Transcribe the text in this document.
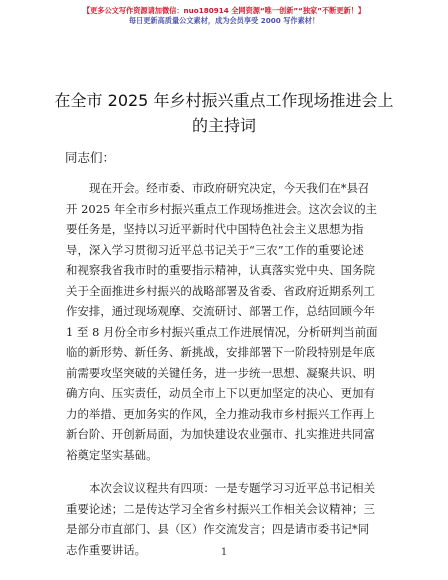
【更多公文写作资源请加微信：nuo180914 全网资源“唯一创新”“独家”不断更新！】
每日更新高质量公文素材，成为会员享受 2000 写作素材！
在全市 2025 年乡村振兴重点工作现场推进会上
的主持词
同志们：
现在开会。经市委、市政府研究决定，今天我们在*县召
开 2025 年全市乡村振兴重点工作现场推进会。这次会议的主
要任务是，坚持以习近平新时代中国特色社会主义思想为指
导，深入学习贯彻习近平总书记关于“三农”工作的重要论述
和视察我省我市时的重要指示精神，认真落实党中央、国务院
关于全面推进乡村振兴的战略部署及省委、省政府近期系列工
作安排，通过现场观摩、交流研讨、部署工作，总结回顾今年
1 至 8 月份全市乡村振兴重点工作进展情况，分析研判当前面
临的新形势、新任务、新挑战，安排部署下一阶段特别是年底
前需要攻坚突破的关键任务，进一步统一思想、凝聚共识、明
确方向、压实责任，动员全市上下以更加坚定的决心、更加有
力的举措、更加务实的作风，全力推动我市乡村振兴工作再上
新台阶、开创新局面，为加快建设农业强市、扎实推进共同富
裕奠定坚实基础。
本次会议议程共有四项：一是专题学习习近平总书记相关
重要论述；二是传达学习全省乡村振兴工作相关会议精神；三
是部分市直部门、县（区）作交流发言；四是请市委书记*同
志作重要讲话。	1
